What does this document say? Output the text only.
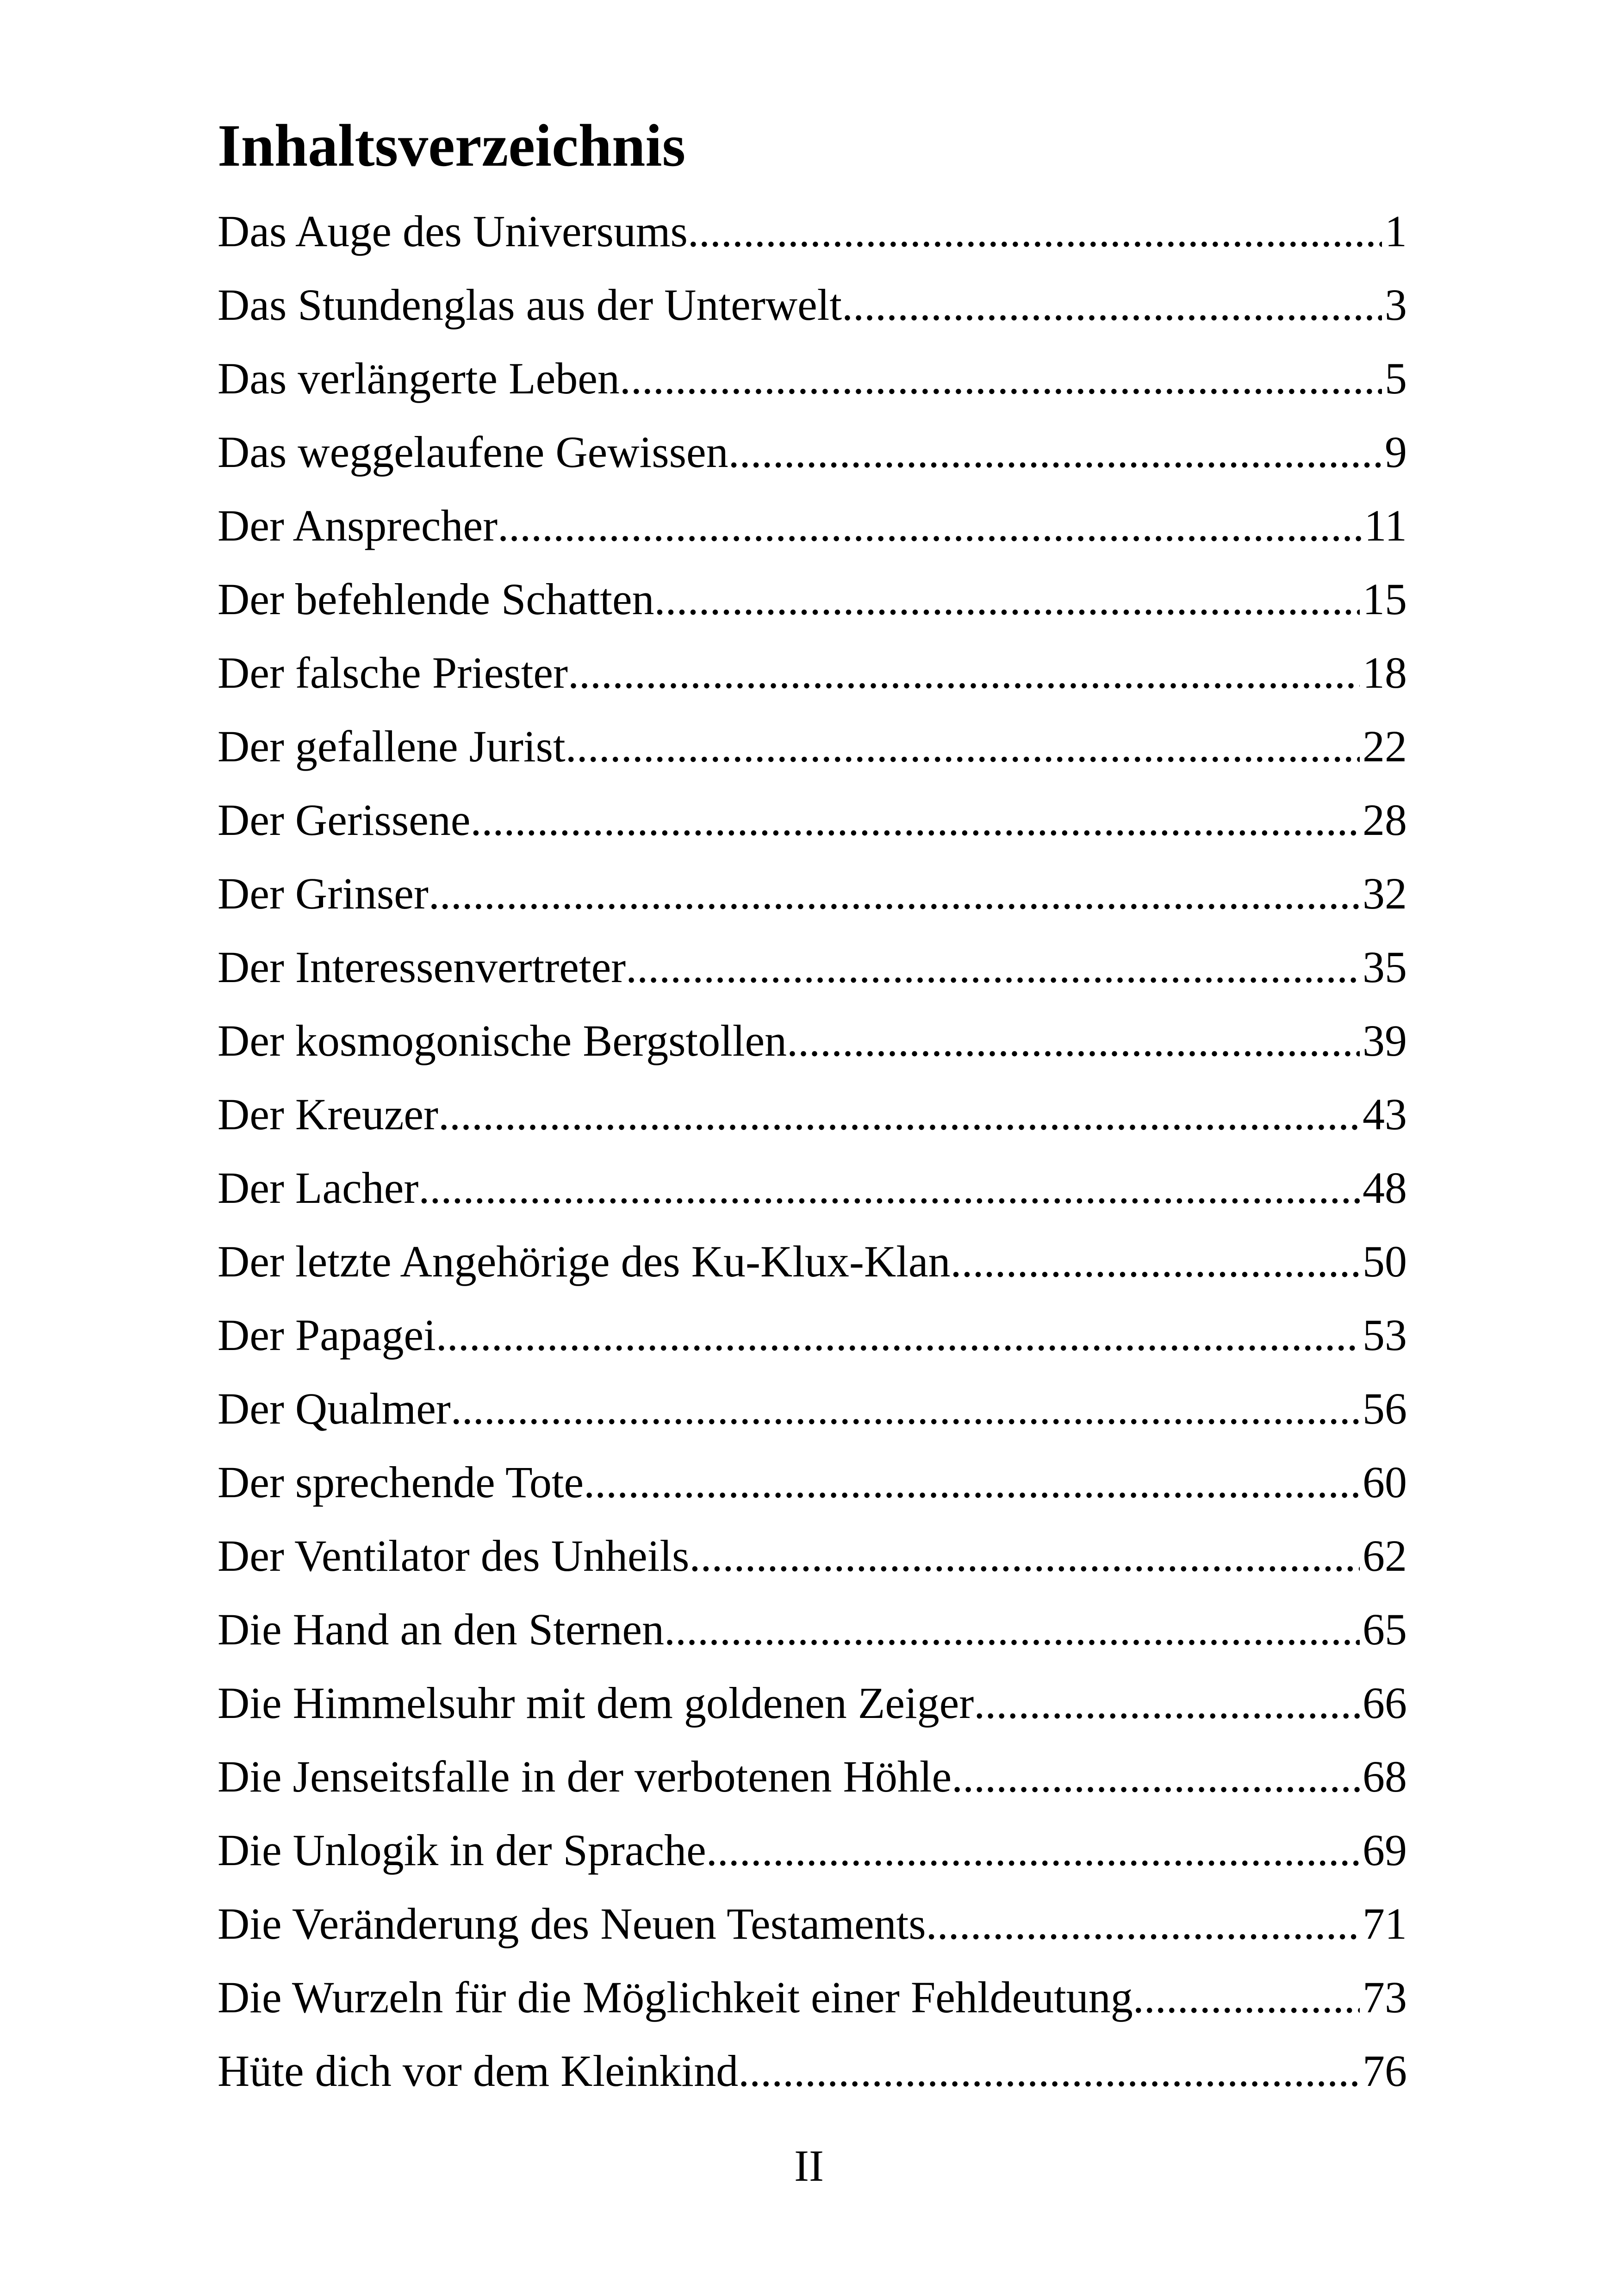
Inhaltsverzeichnis
Das Auge des Universums .....	1
Das Stundenglas aus der Unterwelt .....	3
Das verlängerte Leben .....	5
Das weggelaufene Gewissen .....	9
Der Ansprecher .....	11
Der befehlende Schatten .....	15
Der falsche Priester .....	18
Der gefallene Jurist .....	22
Der Gerissene .....	28
Der Grinser .....	32
Der Interessenvertreter .....	35
Der kosmogonische Bergstollen .....	39
Der Kreuzer .....	43
Der Lacher .....	48
Der letzte Angehörige des Ku-Klux-Klan .....	50
Der Papagei .....	53
Der Qualmer .....	56
Der sprechende Tote .....	60
Der Ventilator des Unheils .....	62
Die Hand an den Sternen .....	65
Die Himmelsuhr mit dem goldenen Zeiger .....	66
Die Jenseitsfalle in der verbotenen Höhle .....	68
Die Unlogik in der Sprache .....	69
Die Veränderung des Neuen Testaments .....	71
Die Wurzeln für die Möglichkeit einer Fehldeutung .....	73
Hüte dich vor dem Kleinkind .....	76
II
